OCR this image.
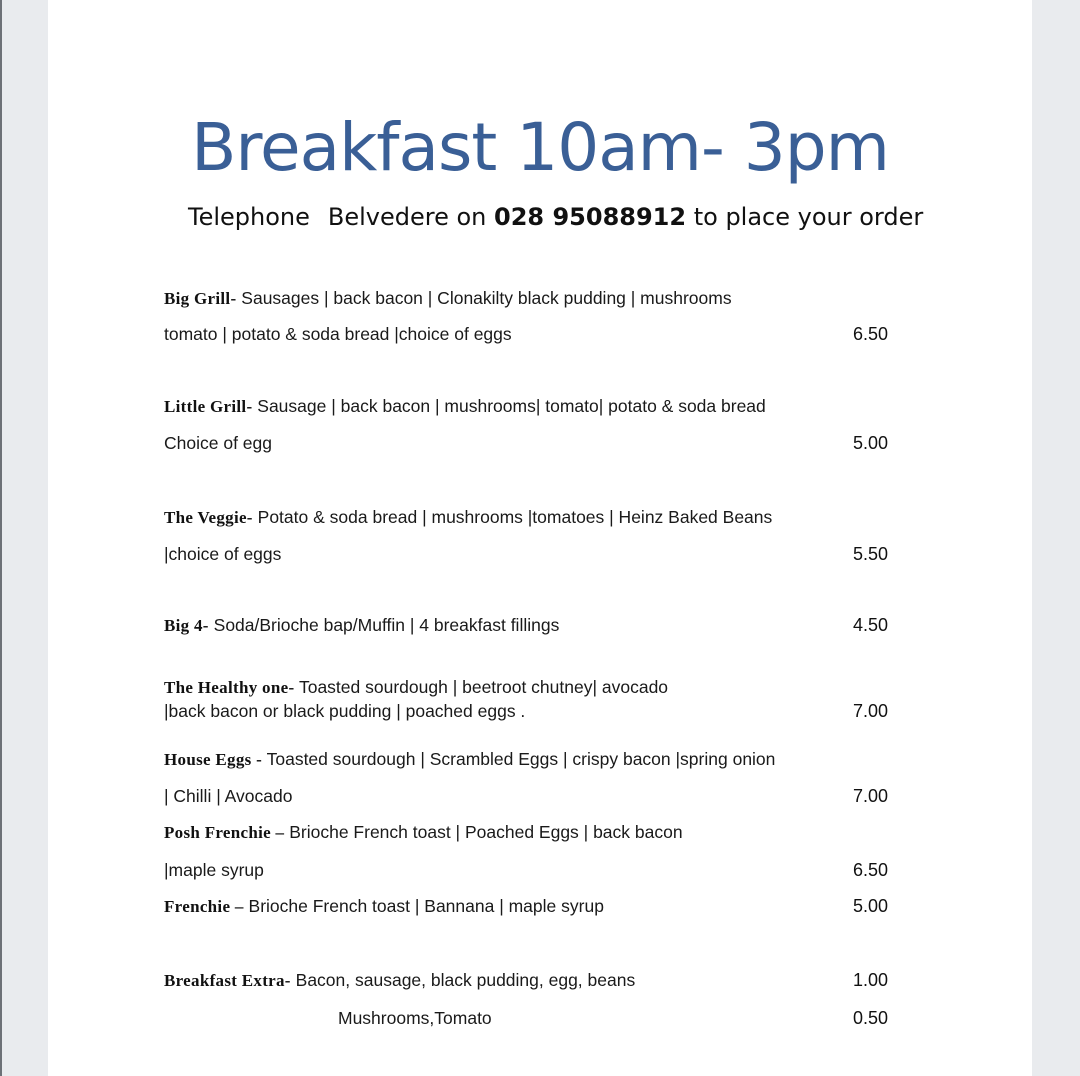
Breakfast 10am- 3pm
Telephone Belvedere on 028 95088912 to place your order
Big Grill- Sausages | back bacon | Clonakilty black pudding | mushrooms
tomato | potato & soda bread |choice of eggs	6.50
Little Grill- Sausage | back bacon | mushrooms| tomato| potato & soda bread
Choice of egg	5.00
The Veggie- Potato & soda bread | mushrooms |tomatoes | Heinz Baked Beans
|choice of eggs	5.50
Big 4- Soda/Brioche bap/Muffin | 4 breakfast fillings	4.50
The Healthy one- Toasted sourdough | beetroot chutney| avocado
|back bacon or black pudding | poached eggs .	7.00
House Eggs - Toasted sourdough | Scrambled Eggs | crispy bacon |spring onion
| Chilli | Avocado	7.00
Posh Frenchie – Brioche French toast | Poached Eggs | back bacon
|maple syrup	6.50
Frenchie – Brioche French toast | Bannana | maple syrup	5.00
Breakfast Extra- Bacon, sausage, black pudding, egg, beans	1.00
Mushrooms,Tomato	0.50
